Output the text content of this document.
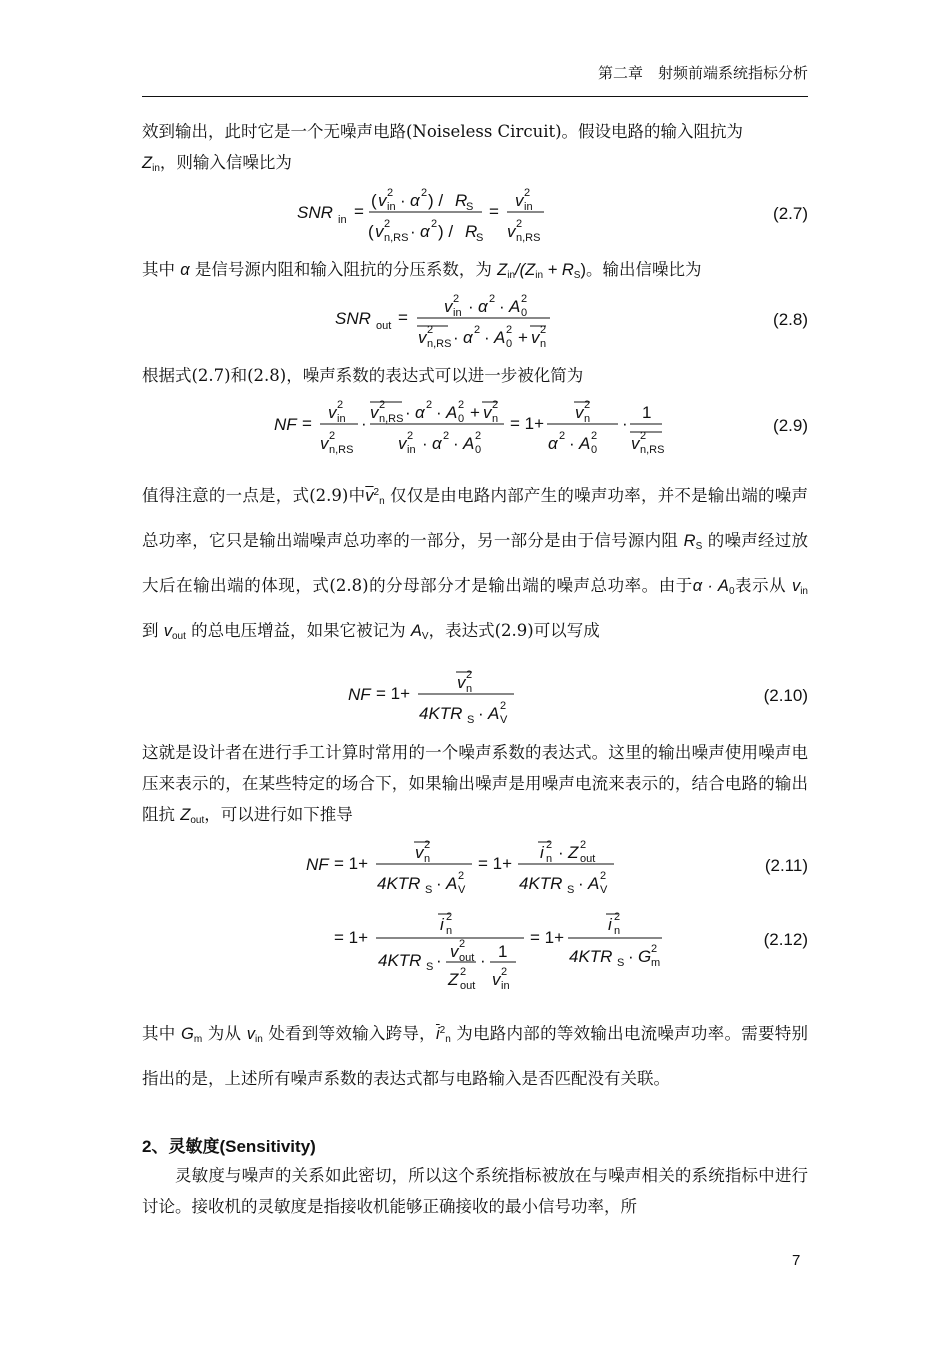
第二章　射频前端系统指标分析

效到输出，此时它是一个无噪声电路(Noiseless Circuit)。假设电路的输入阻抗为
$Z_{in}$，则输入信噪比为

SNR in =
( v 2
in · α 2 ) / R
S
( v 2
n,RS · α 2 ) / R
S
=
v 2
in
v 2
n,RS
(2.7)

其中 α 是信号源内阻和输入阻抗的分压系数，为 $Z_{in}/(Z_{in} + R_S)$。输出信噪比为

SNR out =
v 2
in · α 2 · A 2
0
v 2
n,RS · α 2 · A 2
0 + v 2
n
(2.8)

根据式(2.7)和(2.8)，噪声系数的表达式可以进一步被化简为

NF =
v 2
in
v 2
n,RS
·
v 2
n,RS · α 2 · A 2
0 + v 2
n
v 2
in · α 2 · A 2
0
= 1+
v 2
n
α 2 · A 2
0
·
1
v 2
n,RS
(2.9)

值得注意的一点是，式(2.9)中$\overline{v}^2_n$ 仅仅是由电路内部产生的噪声功率，并不是输出端的噪声总功率，它只是输出端噪声总功率的一部分，另一部分是由于信号源内阻 $R_S$ 的噪声经过放大后在输出端的体现，式(2.8)的分母部分才是输出端的噪声总功率。由于$\alpha \cdot A_0$表示从 $v_{in}$ 到 $v_{out}$ 的总电压增益，如果它被记为 $A_V$，表达式(2.9)可以写成

NF = 1+
v 2
n
4KTR S · A 2
V
(2.10)

这就是设计者在进行手工计算时常用的一个噪声系数的表达式。这里的输出噪声使用噪声电压来表示的，在某些特定的场合下，如果输出噪声是用噪声电流来表示的，结合电路的输出阻抗 $Z_{out}$，可以进行如下推导

NF = 1+
v 2
n
4KTR S · A 2
V
= 1+
i 2
n · Z 2
out
4KTR S · A 2
V
(2.11)
= 1+
i 2
n
4KTR S · v 2
out
Z 2
out
· 1
v 2
in
= 1+
i 2
n
4KTR S · G 2
m
(2.12)

其中 $G_m$ 为从 $v_{in}$ 处看到等效输入跨导，$\overline{i}^2_n$ 为电路内部的等效输出电流噪声功率。需要特别指出的是，上述所有噪声系数的表达式都与电路输入是否匹配没有关联。

2、灵敏度(Sensitivity)

灵敏度与噪声的关系如此密切，所以这个系统指标被放在与噪声相关的系统指标中进行讨论。接收机的灵敏度是指接收机能够正确接收的最小信号功率，所

7
